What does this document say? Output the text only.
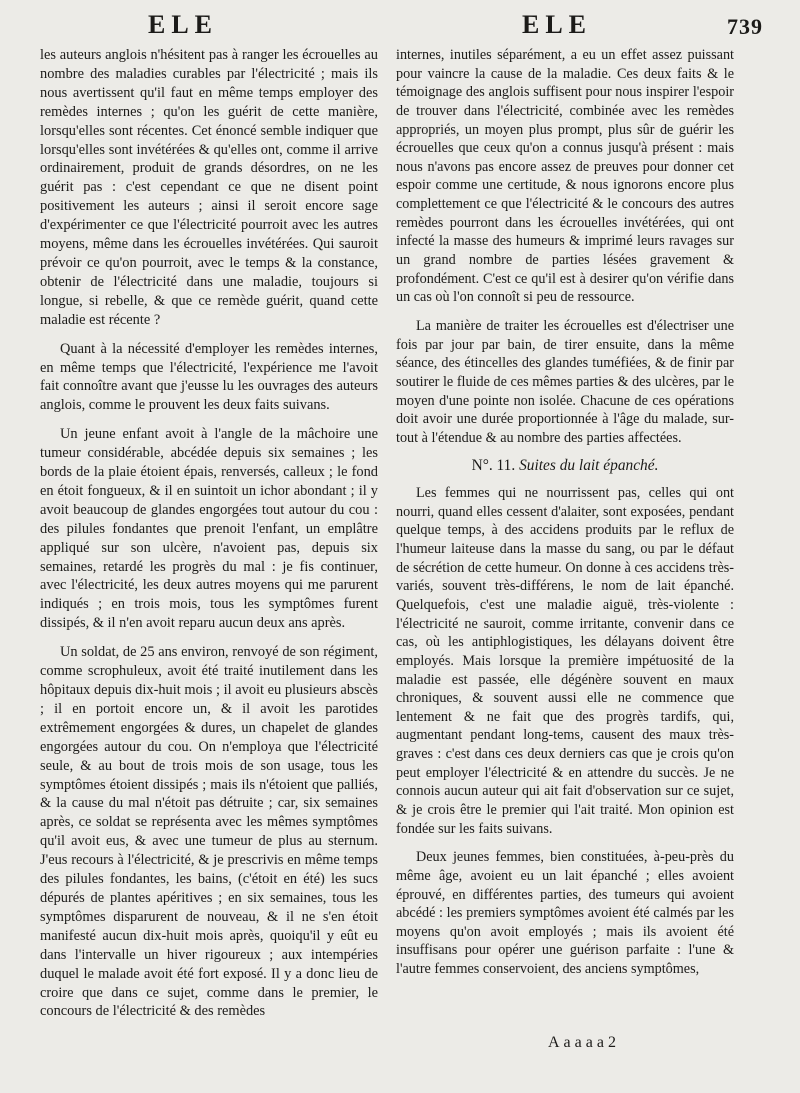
ELE	ELE	739

les auteurs anglois n'hésitent pas à ranger les écrouelles au nombre des maladies curables par l'électricité ; mais ils nous avertissent qu'il faut en même temps employer des remèdes internes ; qu'on les guérit de cette manière, lorsqu'elles sont récentes. Cet énoncé semble indiquer que lorsqu'elles sont invétérées & qu'elles ont, comme il arrive ordinairement, produit de grands désordres, on ne les guérit pas : c'est cependant ce que ne disent point positivement les auteurs ; ainsi il seroit encore sage d'expérimenter ce que l'électricité pourroit avec les autres moyens, même dans les écrouelles invétérées. Qui sauroit prévoir ce qu'on pourroit, avec le temps & la constance, obtenir de l'électricité dans une maladie, toujours si longue, si rebelle, & que ce remède guérit, quand cette maladie est récente ?

Quant à la nécessité d'employer les remèdes internes, en même temps que l'électricité, l'expérience me l'avoit fait connoître avant que j'eusse lu les ouvrages des auteurs anglois, comme le prouvent les deux faits suivans.

Un jeune enfant avoit à l'angle de la mâchoire une tumeur considérable, abcédée depuis six semaines ; les bords de la plaie étoient épais, renversés, calleux ; le fond en étoit fongueux, & il en suintoit un ichor abondant ; il y avoit beaucoup de glandes engorgées tout autour du cou : des pilules fondantes que prenoit l'enfant, un emplâtre appliqué sur son ulcère, n'avoient pas, depuis six semaines, retardé les progrès du mal : je fis continuer, avec l'électricité, les deux autres moyens qui me parurent indiqués ; en trois mois, tous les symptômes furent dissipés, & il n'en avoit reparu aucun deux ans après.

Un soldat, de 25 ans environ, renvoyé de son régiment, comme scrophuleux, avoit été traité inutilement dans les hôpitaux depuis dix-huit mois ; il avoit eu plusieurs abscès ; il en portoit encore un, & il avoit les parotides extrêmement engorgées & dures, un chapelet de glandes engorgées autour du cou. On n'employa que l'électricité seule, & au bout de trois mois de son usage, tous les symptômes étoient dissipés ; mais ils n'étoient que palliés, & la cause du mal n'étoit pas détruite ; car, six semaines après, ce soldat se représenta avec les mêmes symptômes qu'il avoit eus, & avec une tumeur de plus au sternum. J'eus recours à l'électricité, & je prescrivis en même temps des pilules fondantes, les bains, (c'étoit en été) les sucs dépurés de plantes apéritives ; en six semaines, tous les symptômes disparurent de nouveau, & il ne s'en étoit manifesté aucun dix-huit mois après, quoiqu'il y eût eu dans l'intervalle un hiver rigoureux ; aux intempéries duquel le malade avoit été fort exposé. Il y a donc lieu de croire que dans ce sujet, comme dans le premier, le concours de l'électricité & des remèdes

internes, inutiles séparément, a eu un effet assez puissant pour vaincre la cause de la maladie. Ces deux faits & le témoignage des anglois suffisent pour nous inspirer l'espoir de trouver dans l'électricité, combinée avec les remèdes appropriés, un moyen plus prompt, plus sûr de guérir les écrouelles que ceux qu'on a connus jusqu'à présent : mais nous n'avons pas encore assez de preuves pour donner cet espoir comme une certitude, & nous ignorons encore plus complettement ce que l'électricité & le concours des autres remèdes pourront dans les écrouelles invétérées, qui ont infecté la masse des humeurs & imprimé leurs ravages sur un grand nombre de parties lésées gravement & profondément. C'est ce qu'il est à desirer qu'on vérifie dans un cas où l'on connoît si peu de ressource.

La manière de traiter les écrouelles est d'électriser une fois par jour par bain, de tirer ensuite, dans la même séance, des étincelles des glandes tuméfiées, & de finir par soutirer le fluide de ces mêmes parties & des ulcères, par le moyen d'une pointe non isolée. Chacune de ces opérations doit avoir une durée proportionnée à l'âge du malade, sur-tout à l'étendue & au nombre des parties affectées.

N°. 11. Suites du lait épanché.

Les femmes qui ne nourrissent pas, celles qui ont nourri, quand elles cessent d'alaiter, sont exposées, pendant quelque temps, à des accidens produits par le reflux de l'humeur laiteuse dans la masse du sang, ou par le défaut de sécrétion de cette humeur. On donne à ces accidens très-variés, souvent très-différens, le nom de lait épanché. Quelquefois, c'est une maladie aiguë, très-violente : l'électricité ne sauroit, comme irritante, convenir dans ce cas, où les antiphlogistiques, les délayans doivent être employés. Mais lorsque la première impétuosité de la maladie est passée, elle dégénère souvent en maux chroniques, & souvent aussi elle ne commence que lentement & ne fait que des progrès tardifs, qui, augmentant pendant long-tems, causent des maux très-graves : c'est dans ces deux derniers cas que je crois qu'on peut employer l'électricité & en attendre du succès. Je ne connois aucun auteur qui ait fait d'observation sur ce sujet, & je crois être le premier qui l'ait traité. Mon opinion est fondée sur les faits suivans.

Deux jeunes femmes, bien constituées, à-peu-près du même âge, avoient eu un lait épanché ; elles avoient éprouvé, en différentes parties, des tumeurs qui avoient abcédé : les premiers symptômes avoient été calmés par les moyens qu'on avoit employés ; mais ils avoient été insuffisans pour opérer une guérison parfaite : l'une & l'autre femmes conservoient, des anciens symptômes,

Aaaaa2
